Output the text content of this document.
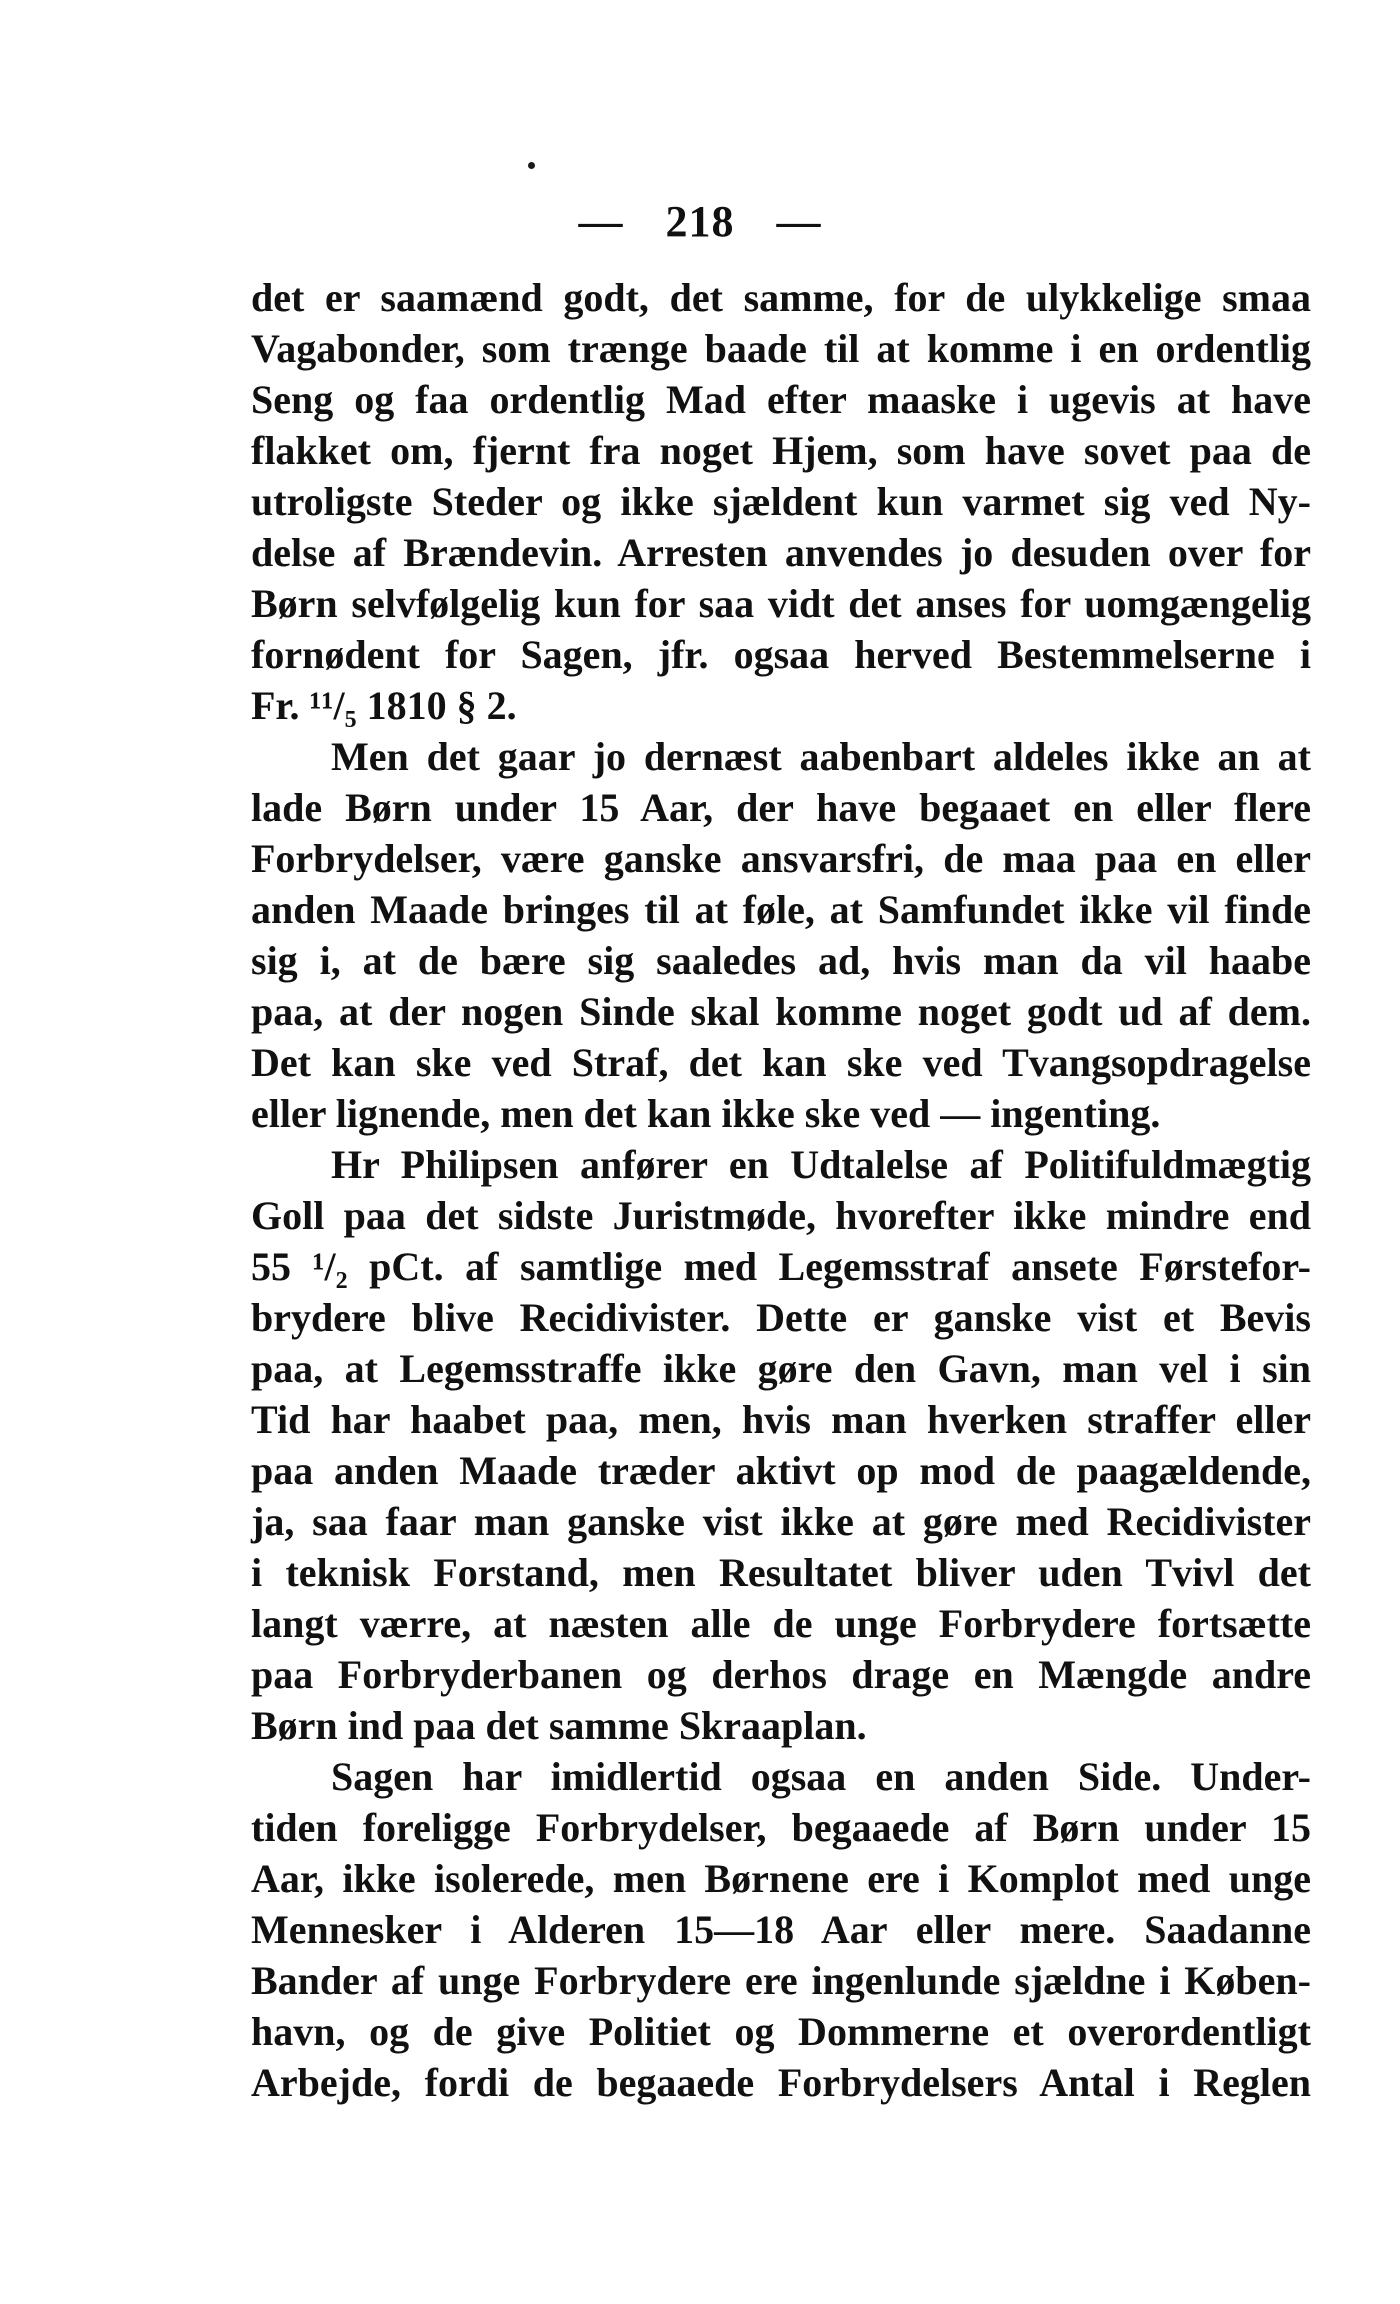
— 218 —
det er saamænd godt, det samme, for de ulykkelige smaa
Vagabonder, som trænge baade til at komme i en ordentlig
Seng og faa ordentlig Mad efter maaske i ugevis at have
flakket om, fjernt fra noget Hjem, som have sovet paa de
utroligste Steder og ikke sjældent kun varmet sig ved Ny-
delse af Brændevin. Arresten anvendes jo desuden over for
Børn selvfølgelig kun for saa vidt det anses for uomgængelig
fornødent for Sagen, jfr. ogsaa herved Bestemmelserne i
Fr. ¹¹/₅ 1810 § 2.
Men det gaar jo dernæst aabenbart aldeles ikke an at
lade Børn under 15 Aar, der have begaaet en eller flere
Forbrydelser, være ganske ansvarsfri, de maa paa en eller
anden Maade bringes til at føle, at Samfundet ikke vil finde
sig i, at de bære sig saaledes ad, hvis man da vil haabe
paa, at der nogen Sinde skal komme noget godt ud af dem.
Det kan ske ved Straf, det kan ske ved Tvangsopdragelse
eller lignende, men det kan ikke ske ved — ingenting.
Hr Philipsen anfører en Udtalelse af Politifuldmægtig
Goll paa det sidste Juristmøde, hvorefter ikke mindre end
55 ¹/₂ pCt. af samtlige med Legemsstraf ansete Førstefor-
brydere blive Recidivister. Dette er ganske vist et Bevis
paa, at Legemsstraffe ikke gøre den Gavn, man vel i sin
Tid har haabet paa, men, hvis man hverken straffer eller
paa anden Maade træder aktivt op mod de paagældende,
ja, saa faar man ganske vist ikke at gøre med Recidivister
i teknisk Forstand, men Resultatet bliver uden Tvivl det
langt værre, at næsten alle de unge Forbrydere fortsætte
paa Forbryderbanen og derhos drage en Mængde andre
Børn ind paa det samme Skraaplan.
Sagen har imidlertid ogsaa en anden Side. Under-
tiden foreligge Forbrydelser, begaaede af Børn under 15
Aar, ikke isolerede, men Børnene ere i Komplot med unge
Mennesker i Alderen 15—18 Aar eller mere. Saadanne
Bander af unge Forbrydere ere ingenlunde sjældne i Køben-
havn, og de give Politiet og Dommerne et overordentligt
Arbejde, fordi de begaaede Forbrydelsers Antal i Reglen
